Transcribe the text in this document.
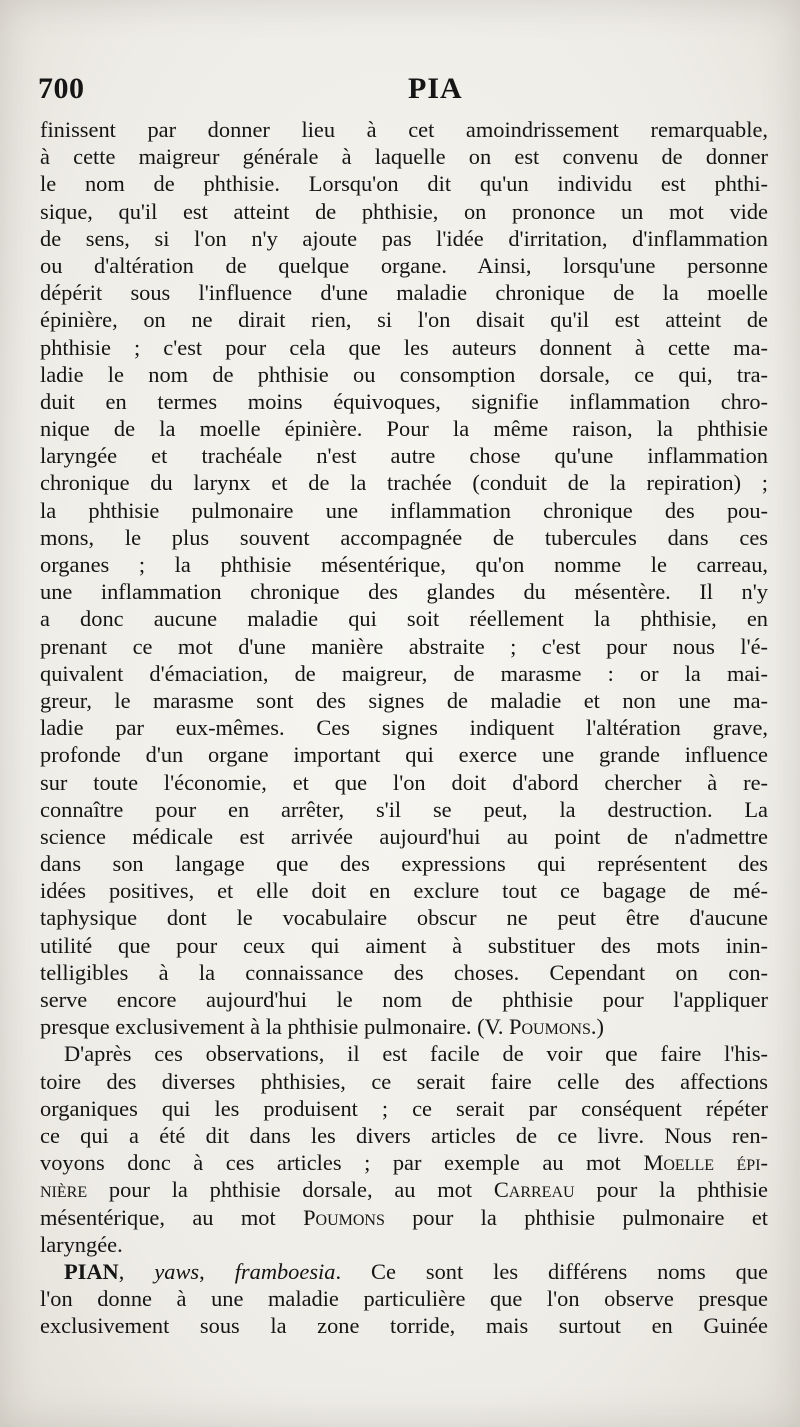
700	PIA
finissent par donner lieu à cet amoindrissement remarquable,
à cette maigreur générale à laquelle on est convenu de donner
le nom de phthisie. Lorsqu'on dit qu'un individu est phthi-
sique, qu'il est atteint de phthisie, on prononce un mot vide
de sens, si l'on n'y ajoute pas l'idée d'irritation, d'inflammation
ou d'altération de quelque organe. Ainsi, lorsqu'une personne
dépérit sous l'influence d'une maladie chronique de la moelle
épinière, on ne dirait rien, si l'on disait qu'il est atteint de
phthisie ; c'est pour cela que les auteurs donnent à cette ma-
ladie le nom de phthisie ou consomption dorsale, ce qui, tra-
duit en termes moins équivoques, signifie inflammation chro-
nique de la moelle épinière. Pour la même raison, la phthisie
laryngée et trachéale n'est autre chose qu'une inflammation
chronique du larynx et de la trachée (conduit de la repiration) ;
la phthisie pulmonaire une inflammation chronique des pou-
mons, le plus souvent accompagnée de tubercules dans ces
organes ; la phthisie mésentérique, qu'on nomme le carreau,
une inflammation chronique des glandes du mésentère. Il n'y
a donc aucune maladie qui soit réellement la phthisie, en
prenant ce mot d'une manière abstraite ; c'est pour nous l'é-
quivalent d'émaciation, de maigreur, de marasme : or la mai-
greur, le marasme sont des signes de maladie et non une ma-
ladie par eux-mêmes. Ces signes indiquent l'altération grave,
profonde d'un organe important qui exerce une grande influence
sur toute l'économie, et que l'on doit d'abord chercher à re-
connaître pour en arrêter, s'il se peut, la destruction. La
science médicale est arrivée aujourd'hui au point de n'admettre
dans son langage que des expressions qui représentent des
idées positives, et elle doit en exclure tout ce bagage de mé-
taphysique dont le vocabulaire obscur ne peut être d'aucune
utilité que pour ceux qui aiment à substituer des mots inin-
telligibles à la connaissance des choses. Cependant on con-
serve encore aujourd'hui le nom de phthisie pour l'appliquer
presque exclusivement à la phthisie pulmonaire. (V. Poumons.)
D'après ces observations, il est facile de voir que faire l'his-
toire des diverses phthisies, ce serait faire celle des affections
organiques qui les produisent ; ce serait par conséquent répéter
ce qui a été dit dans les divers articles de ce livre. Nous ren-
voyons donc à ces articles ; par exemple au mot Moelle épi-
nière pour la phthisie dorsale, au mot Carreau pour la phthisie
mésentérique, au mot Poumons pour la phthisie pulmonaire et
laryngée.
PIAN, yaws, framboesia. Ce sont les différens noms que
l'on donne à une maladie particulière que l'on observe presque
exclusivement sous la zone torride, mais surtout en Guinée
